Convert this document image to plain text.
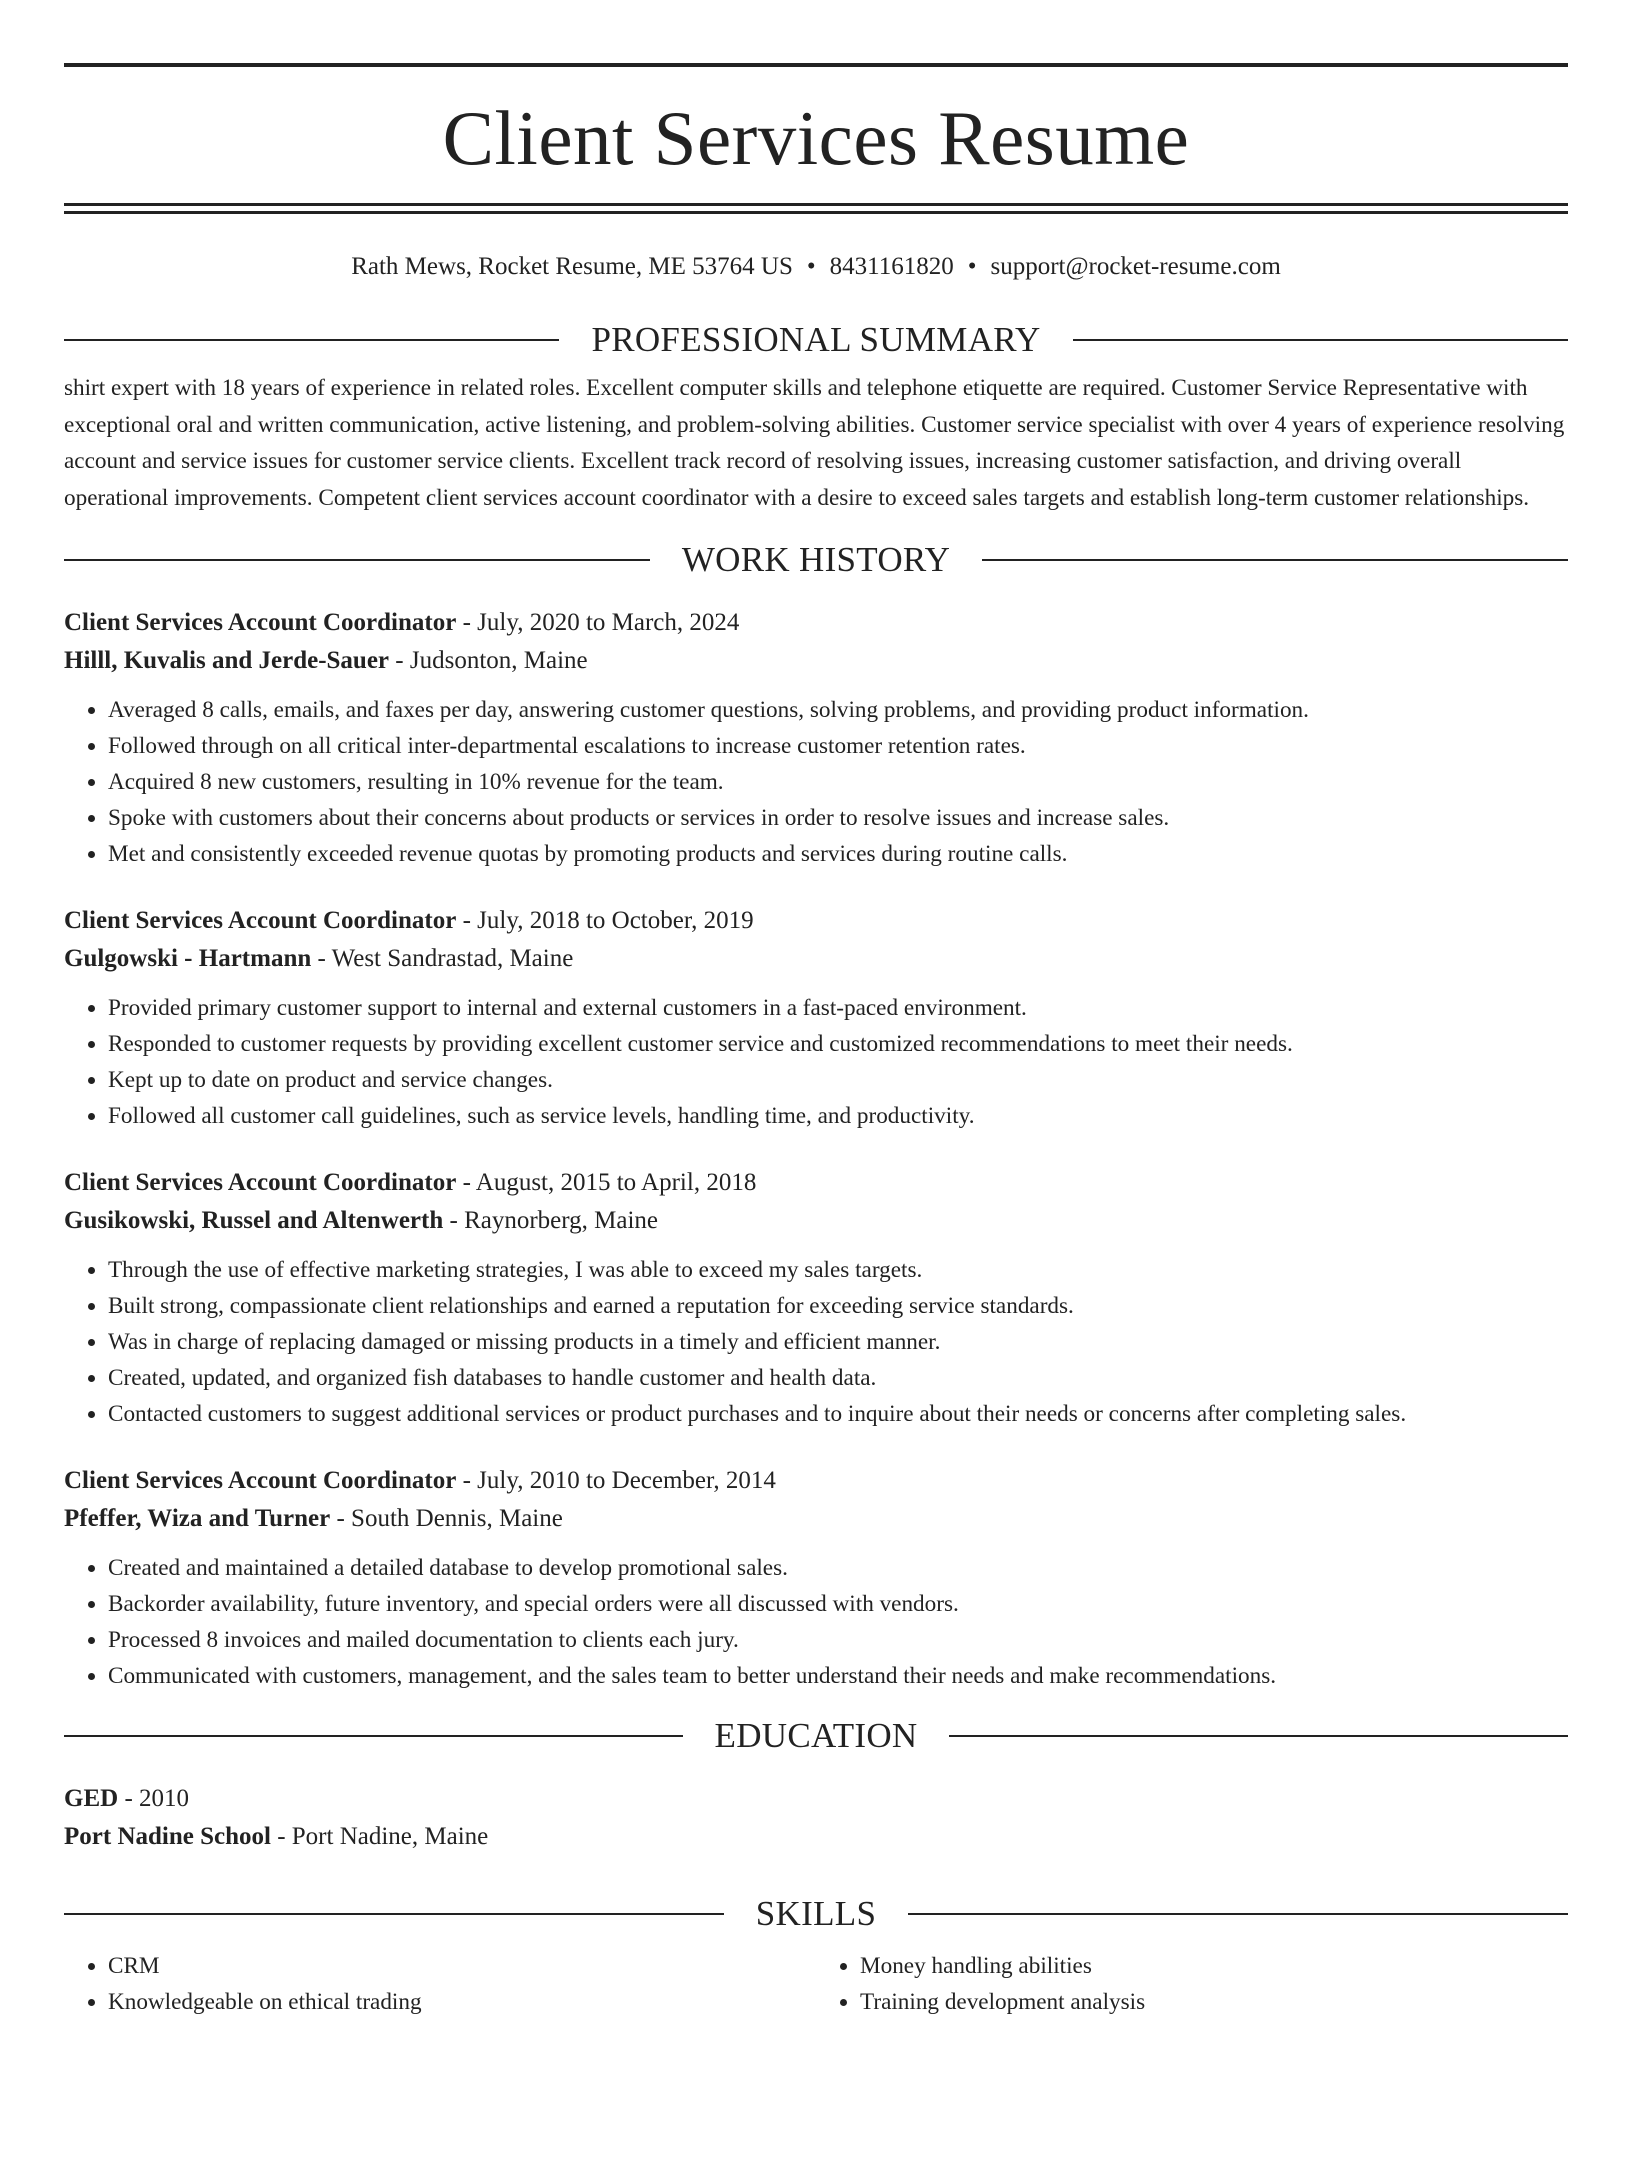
Client Services Resume
Rath Mews, Rocket Resume, ME 53764 US • 8431161820 • support@rocket-resume.com
PROFESSIONAL SUMMARY

shirt expert with 18 years of experience in related roles. Excellent computer skills and telephone etiquette are required. Customer Service Representative with exceptional oral and written communication, active listening, and problem-solving abilities. Customer service specialist with over 4 years of experience resolving account and service issues for customer service clients. Excellent track record of resolving issues, increasing customer satisfaction, and driving overall operational improvements. Competent client services account coordinator with a desire to exceed sales targets and establish long-term customer relationships.

WORK HISTORY
Client Services Account Coordinator - July, 2020 to March, 2024
Hilll, Kuvalis and Jerde-Sauer - Judsonton, Maine
• Averaged 8 calls, emails, and faxes per day, answering customer questions, solving problems, and providing product information.
• Followed through on all critical inter-departmental escalations to increase customer retention rates.
• Acquired 8 new customers, resulting in 10% revenue for the team.
• Spoke with customers about their concerns about products or services in order to resolve issues and increase sales.
• Met and consistently exceeded revenue quotas by promoting products and services during routine calls.
Client Services Account Coordinator - July, 2018 to October, 2019
Gulgowski - Hartmann - West Sandrastad, Maine
• Provided primary customer support to internal and external customers in a fast-paced environment.
• Responded to customer requests by providing excellent customer service and customized recommendations to meet their needs.
• Kept up to date on product and service changes.
• Followed all customer call guidelines, such as service levels, handling time, and productivity.
Client Services Account Coordinator - August, 2015 to April, 2018
Gusikowski, Russel and Altenwerth - Raynorberg, Maine
• Through the use of effective marketing strategies, I was able to exceed my sales targets.
• Built strong, compassionate client relationships and earned a reputation for exceeding service standards.
• Was in charge of replacing damaged or missing products in a timely and efficient manner.
• Created, updated, and organized fish databases to handle customer and health data.
• Contacted customers to suggest additional services or product purchases and to inquire about their needs or concerns after completing sales.
Client Services Account Coordinator - July, 2010 to December, 2014
Pfeffer, Wiza and Turner - South Dennis, Maine
• Created and maintained a detailed database to develop promotional sales.
• Backorder availability, future inventory, and special orders were all discussed with vendors.
• Processed 8 invoices and mailed documentation to clients each jury.
• Communicated with customers, management, and the sales team to better understand their needs and make recommendations.
EDUCATION
GED - 2010
Port Nadine School - Port Nadine, Maine
SKILLS
• CRM
• Knowledgeable on ethical trading
• Money handling abilities
• Training development analysis
